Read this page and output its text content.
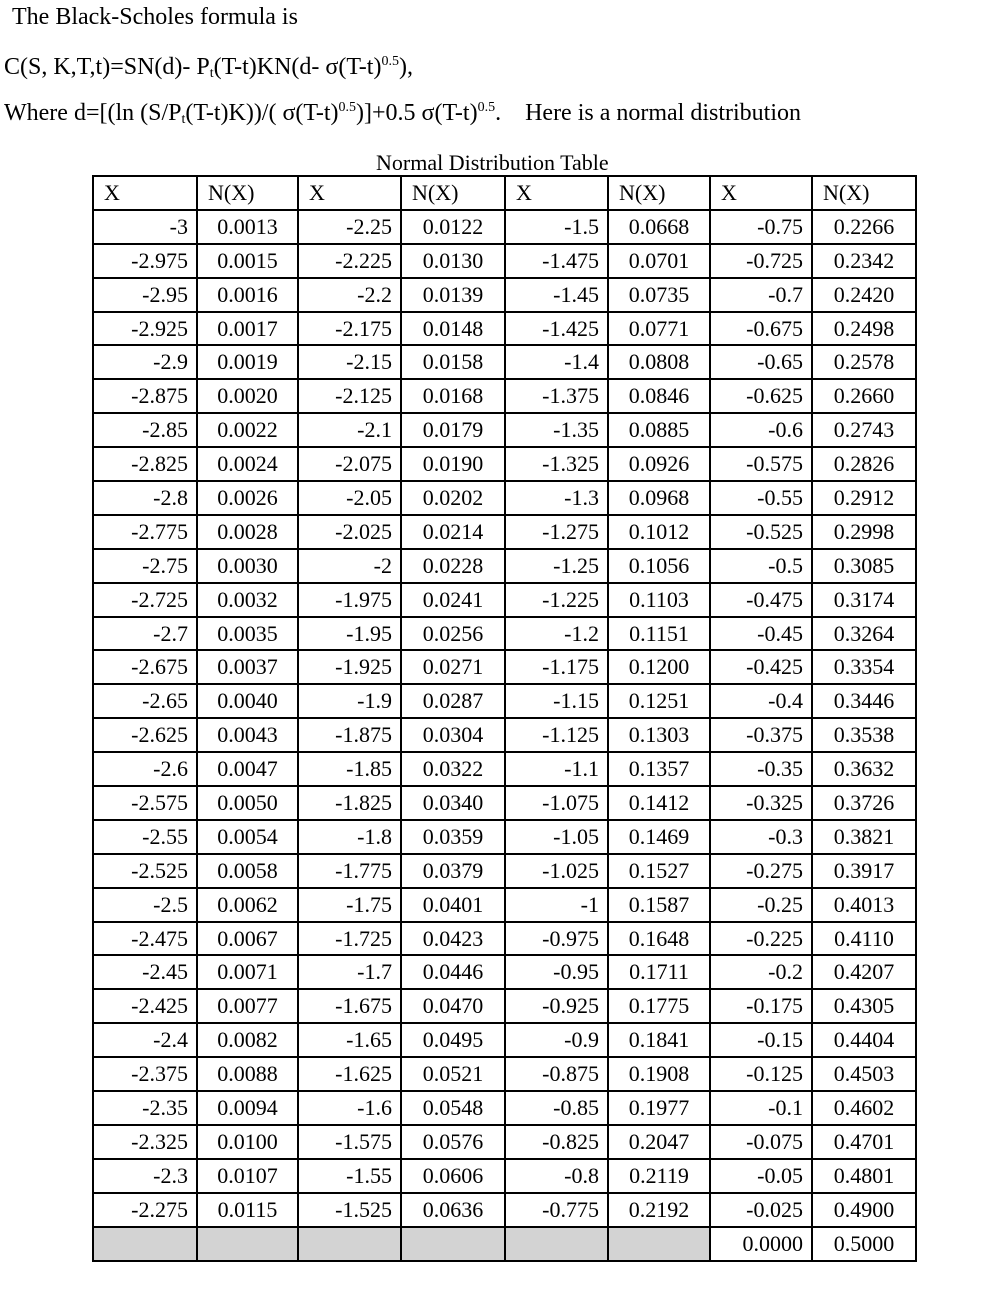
The Black-Scholes formula is
C(S, K,T,t)=SN(d)- $P_t(T-t)KN(d-$ $\sigma(T-t)^{0.5}$),
Where d=[(ln $(S/P_t(T-t)K))/$( $\sigma(T-t)^{0.5})]+0.5$ $\sigma(T-t)^{0.5}$. Here is a normal distribution
Normal Distribution Table
X	N(X)	X	N(X)	X	N(X)	X	N(X)
-3	0.0013	-2.25	0.0122	-1.5	0.0668	-0.75	0.2266
-2.975	0.0015	-2.225	0.0130	-1.475	0.0701	-0.725	0.2342
-2.95	0.0016	-2.2	0.0139	-1.45	0.0735	-0.7	0.2420
-2.925	0.0017	-2.175	0.0148	-1.425	0.0771	-0.675	0.2498
-2.9	0.0019	-2.15	0.0158	-1.4	0.0808	-0.65	0.2578
-2.875	0.0020	-2.125	0.0168	-1.375	0.0846	-0.625	0.2660
-2.85	0.0022	-2.1	0.0179	-1.35	0.0885	-0.6	0.2743
-2.825	0.0024	-2.075	0.0190	-1.325	0.0926	-0.575	0.2826
-2.8	0.0026	-2.05	0.0202	-1.3	0.0968	-0.55	0.2912
-2.775	0.0028	-2.025	0.0214	-1.275	0.1012	-0.525	0.2998
-2.75	0.0030	-2	0.0228	-1.25	0.1056	-0.5	0.3085
-2.725	0.0032	-1.975	0.0241	-1.225	0.1103	-0.475	0.3174
-2.7	0.0035	-1.95	0.0256	-1.2	0.1151	-0.45	0.3264
-2.675	0.0037	-1.925	0.0271	-1.175	0.1200	-0.425	0.3354
-2.65	0.0040	-1.9	0.0287	-1.15	0.1251	-0.4	0.3446
-2.625	0.0043	-1.875	0.0304	-1.125	0.1303	-0.375	0.3538
-2.6	0.0047	-1.85	0.0322	-1.1	0.1357	-0.35	0.3632
-2.575	0.0050	-1.825	0.0340	-1.075	0.1412	-0.325	0.3726
-2.55	0.0054	-1.8	0.0359	-1.05	0.1469	-0.3	0.3821
-2.525	0.0058	-1.775	0.0379	-1.025	0.1527	-0.275	0.3917
-2.5	0.0062	-1.75	0.0401	-1	0.1587	-0.25	0.4013
-2.475	0.0067	-1.725	0.0423	-0.975	0.1648	-0.225	0.4110
-2.45	0.0071	-1.7	0.0446	-0.95	0.1711	-0.2	0.4207
-2.425	0.0077	-1.675	0.0470	-0.925	0.1775	-0.175	0.4305
-2.4	0.0082	-1.65	0.0495	-0.9	0.1841	-0.15	0.4404
-2.375	0.0088	-1.625	0.0521	-0.875	0.1908	-0.125	0.4503
-2.35	0.0094	-1.6	0.0548	-0.85	0.1977	-0.1	0.4602
-2.325	0.0100	-1.575	0.0576	-0.825	0.2047	-0.075	0.4701
-2.3	0.0107	-1.55	0.0606	-0.8	0.2119	-0.05	0.4801
-2.275	0.0115	-1.525	0.0636	-0.775	0.2192	-0.025	0.4900
						0.0000	0.5000
